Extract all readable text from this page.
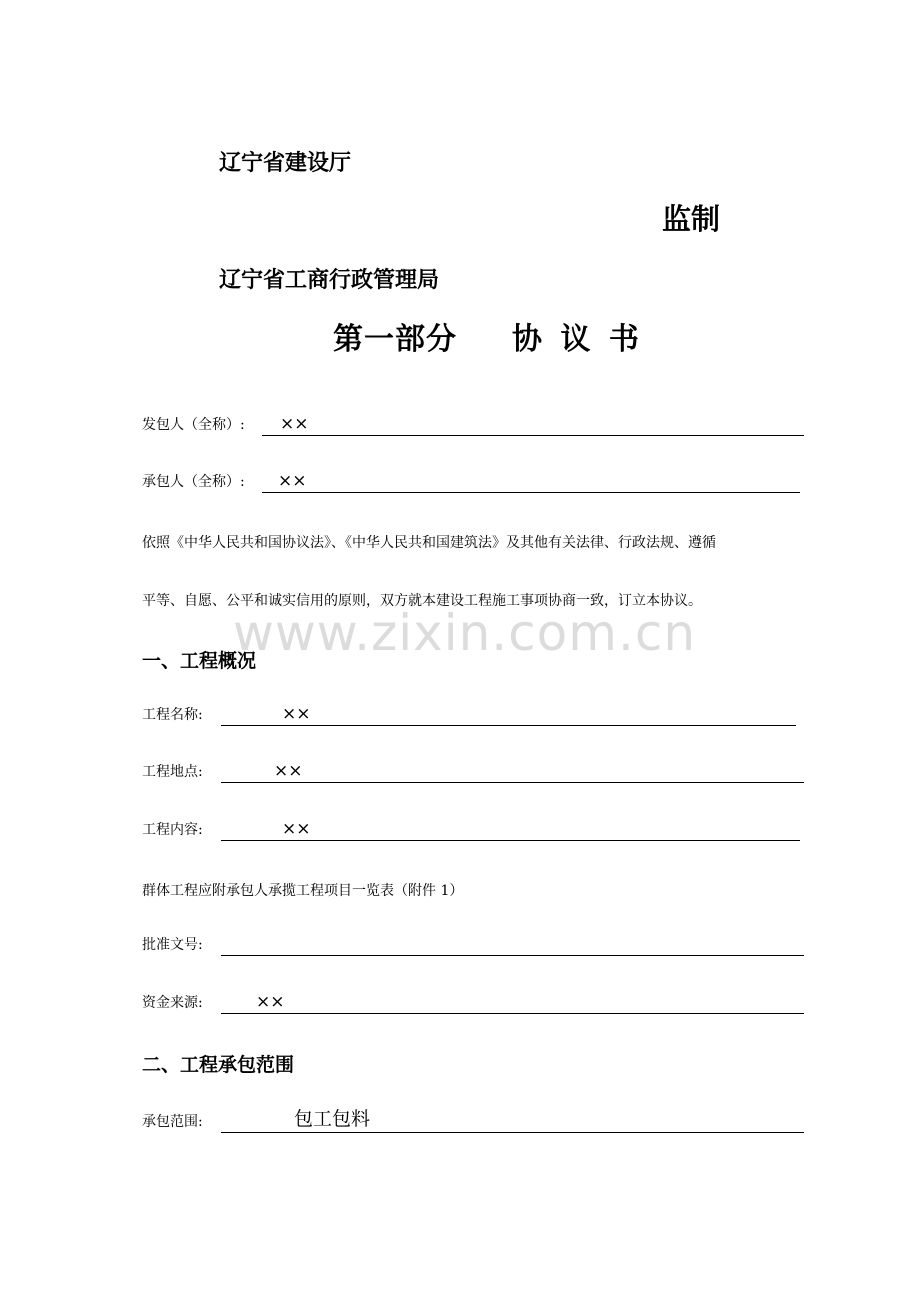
辽宁省建设厅
监制
辽宁省工商行政管理局
第一部分 协 议 书
发包人（全称）: ××
承包人（全称）: ××
依照《中华人民共和国协议法》、《中华人民共和国建筑法》及其他有关法律、行政法规、遵循
平等、自愿、公平和诚实信用的原则，双方就本建设工程施工事项协商一致，订立本协议。
www.zixin.com.cn
一、工程概况
工程名称:	××
工程地点:	××
工程内容:	××
群体工程应附承包人承揽工程项目一览表（附件 1）
批准文号:
资金来源:	××
二、工程承包范围
承包范围:	包工包料
